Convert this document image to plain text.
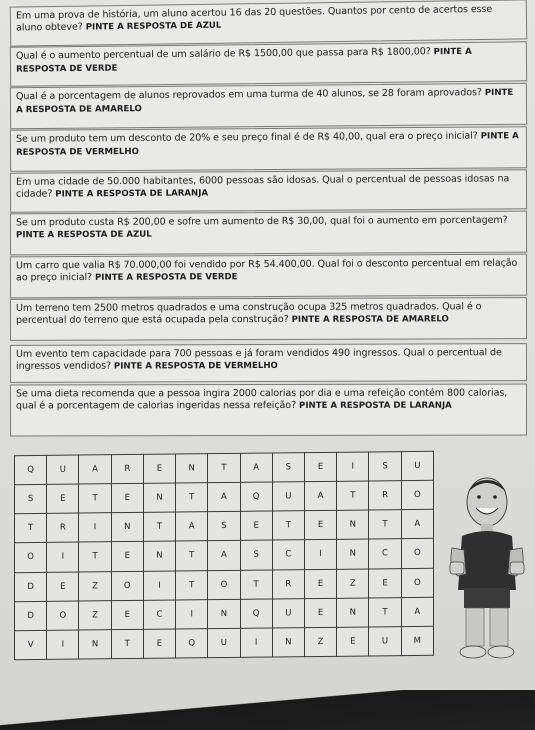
Em uma prova de história, um aluno acertou 16 das 20 questões. Quantos por cento de acertos esse aluno obteve? PINTE A RESPOSTA DE AZUL
Qual é o aumento percentual de um salário de R$ 1500,00 que passa para R$ 1800,00? PINTE A RESPOSTA DE VERDE
Qual é a porcentagem de alunos reprovados em uma turma de 40 alunos, se 28 foram aprovados? PINTE A RESPOSTA DE AMARELO
Se um produto tem um desconto de 20% e seu preço final é de R$ 40,00, qual era o preço inicial? PINTE A RESPOSTA DE VERMELHO
Em uma cidade de 50.000 habitantes, 6000 pessoas são idosas. Qual o percentual de pessoas idosas na cidade? PINTE A RESPOSTA DE LARANJA
Se um produto custa R$ 200,00 e sofre um aumento de R$ 30,00, qual foi o aumento em porcentagem? PINTE A RESPOSTA DE AZUL
Um carro que valia R$ 70.000,00 foi vendido por R$ 54.400,00. Qual foi o desconto percentual em relação ao preço inicial? PINTE A RESPOSTA DE VERDE
Um terreno tem 2500 metros quadrados e uma construção ocupa 325 metros quadrados. Qual é o percentual do terreno que está ocupada pela construção? PINTE A RESPOSTA DE AMARELO
Um evento tem capacidade para 700 pessoas e já foram vendidos 490 ingressos. Qual o percentual de ingressos vendidos? PINTE A RESPOSTA DE VERMELHO
Se uma dieta recomenda que a pessoa ingira 2000 calorias por dia e uma refeição contém 800 calorias, qual é a porcentagem de calorias ingeridas nessa refeição? PINTE A RESPOSTA DE LARANJA
Q	U	A	R	E	N	T	A	S	E	I	S	U
S	E	T	E	N	T	A	Q	U	A	T	R	O
T	R	I	N	T	A	S	E	T	E	N	T	A
O	I	T	E	N	T	A	S	C	I	N	C	O
D	E	Z	O	I	T	O	T	R	E	Z	E	O
D	O	Z	E	C	I	N	Q	U	E	N	T	A
V	I	N	T	E	Q	U	I	N	Z	E	U	M
